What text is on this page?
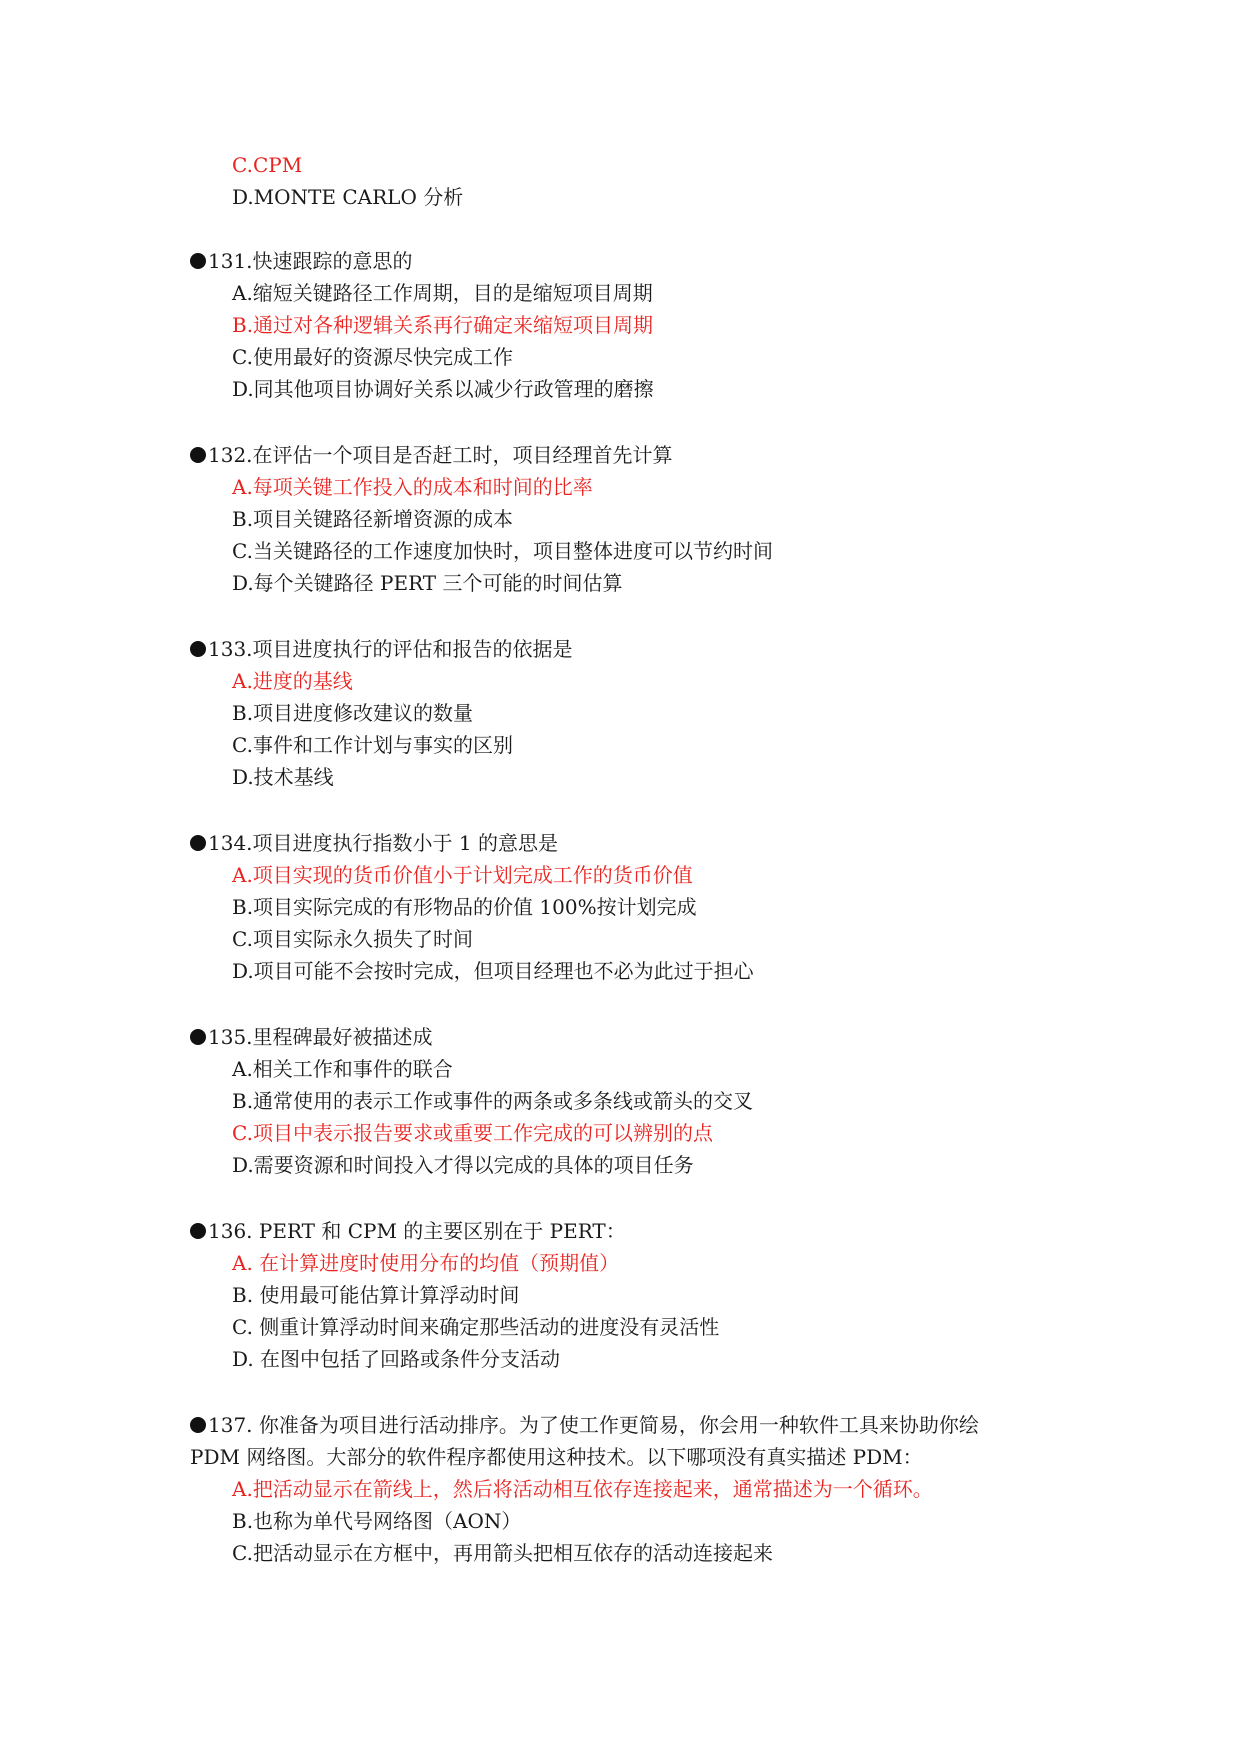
C.CPM
D.MONTE CARLO 分析
131.快速跟踪的意思的
A.缩短关键路径工作周期，目的是缩短项目周期
B.通过对各种逻辑关系再行确定来缩短项目周期
C.使用最好的资源尽快完成工作
D.同其他项目协调好关系以减少行政管理的磨擦
132.在评估一个项目是否赶工时，项目经理首先计算
A.每项关键工作投入的成本和时间的比率
B.项目关键路径新增资源的成本
C.当关键路径的工作速度加快时，项目整体进度可以节约时间
D.每个关键路径 PERT 三个可能的时间估算
133.项目进度执行的评估和报告的依据是
A.进度的基线
B.项目进度修改建议的数量
C.事件和工作计划与事实的区别
D.技术基线
134.项目进度执行指数小于 1 的意思是
A.项目实现的货币价值小于计划完成工作的货币价值
B.项目实际完成的有形物品的价值 100%按计划完成
C.项目实际永久损失了时间
D.项目可能不会按时完成，但项目经理也不必为此过于担心
135.里程碑最好被描述成
A.相关工作和事件的联合
B.通常使用的表示工作或事件的两条或多条线或箭头的交叉
C.项目中表示报告要求或重要工作完成的可以辨别的点
D.需要资源和时间投入才得以完成的具体的项目任务
136. PERT 和 CPM 的主要区别在于 PERT：
A. 在计算进度时使用分布的均值（预期值）
B. 使用最可能估算计算浮动时间
C. 侧重计算浮动时间来确定那些活动的进度没有灵活性
D. 在图中包括了回路或条件分支活动
137. 你准备为项目进行活动排序。为了使工作更简易，你会用一种软件工具来协助你绘
PDM 网络图。大部分的软件程序都使用这种技术。以下哪项没有真实描述 PDM：
A.把活动显示在箭线上，然后将活动相互依存连接起来，通常描述为一个循环。
B.也称为单代号网络图（AON）
C.把活动显示在方框中，再用箭头把相互依存的活动连接起来
